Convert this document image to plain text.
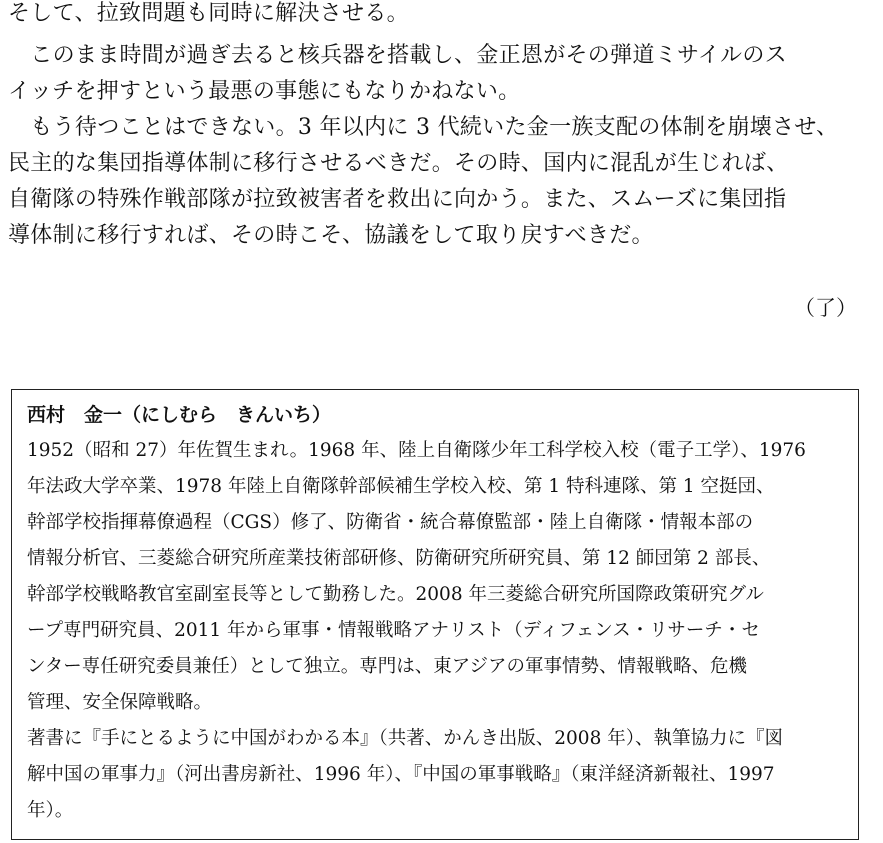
そして、拉致問題も同時に解決させる。
　このまま時間が過ぎ去ると核兵器を搭載し、金正恩がその弾道ミサイルのス
イッチを押すという最悪の事態にもなりかねない。
　もう待つことはできない。3 年以内に 3 代続いた金一族支配の体制を崩壊させ、
民主的な集団指導体制に移行させるべきだ。その時、国内に混乱が生じれば、
自衛隊の特殊作戦部隊が拉致被害者を救出に向かう。また、スムーズに集団指
導体制に移行すれば、その時こそ、協議をして取り戻すべきだ。
（了）
西村　金一（にしむら　きんいち）
1952（昭和 27）年佐賀生まれ。1968 年、陸上自衛隊少年工科学校入校（電子工学）、1976
年法政大学卒業、1978 年陸上自衛隊幹部候補生学校入校、第 1 特科連隊、第 1 空挺団、
幹部学校指揮幕僚過程（CGS）修了、防衛省・統合幕僚監部・陸上自衛隊・情報本部の
情報分析官、三菱総合研究所産業技術部研修、防衛研究所研究員、第 12 師団第 2 部長、
幹部学校戦略教官室副室長等として勤務した。2008 年三菱総合研究所国際政策研究グル
ープ専門研究員、2011 年から軍事・情報戦略アナリスト（ディフェンス・リサーチ・セ
ンター専任研究委員兼任）として独立。専門は、東アジアの軍事情勢、情報戦略、危機
管理、安全保障戦略。
著書に『手にとるように中国がわかる本』（共著、かんき出版、2008 年）、執筆協力に『図
解中国の軍事力』（河出書房新社、1996 年）、『中国の軍事戦略』（東洋経済新報社、1997
年）。
